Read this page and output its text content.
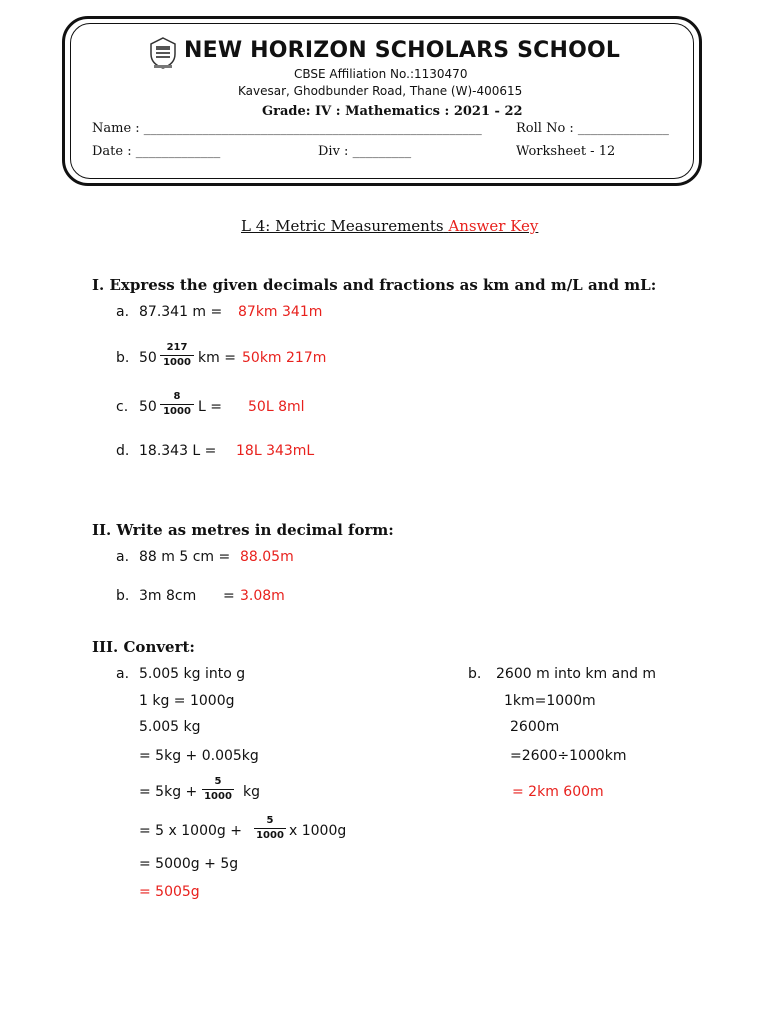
NEW HORIZON SCHOLARS SCHOOL
CBSE Affiliation No.:1130470
Kavesar, Ghodbunder Road, Thane (W)-400615
Grade: IV : Mathematics : 2021 - 22
Name : ____________________________________________________	Roll No : ______________
Date : _____________	Div : _________	Worksheet - 12
L 4: Metric Measurements Answer Key
I. Express the given decimals and fractions as km and m/L and mL:
a. 87.341 m = 87km 341m
b. 50
217
1000 km = 50km 217m
c. 50
8
1000 L = 50L 8ml
d. 18.343 L = 18L 343mL
II. Write as metres in decimal form:
a. 88 m 5 cm = 88.05m
b. 3m 8cm      = 3.08m
III. Convert:
a. 5.005 kg into g
1 kg = 1000g
5.005 kg
= 5kg + 0.005kg
= 5kg +
5
1000 kg
= 5 x 1000g +
5
1000 x 1000g
= 5000g + 5g
= 5005g
b. 2600 m into km and m
1km=1000m
2600m
=2600÷1000km
= 2km 600m
